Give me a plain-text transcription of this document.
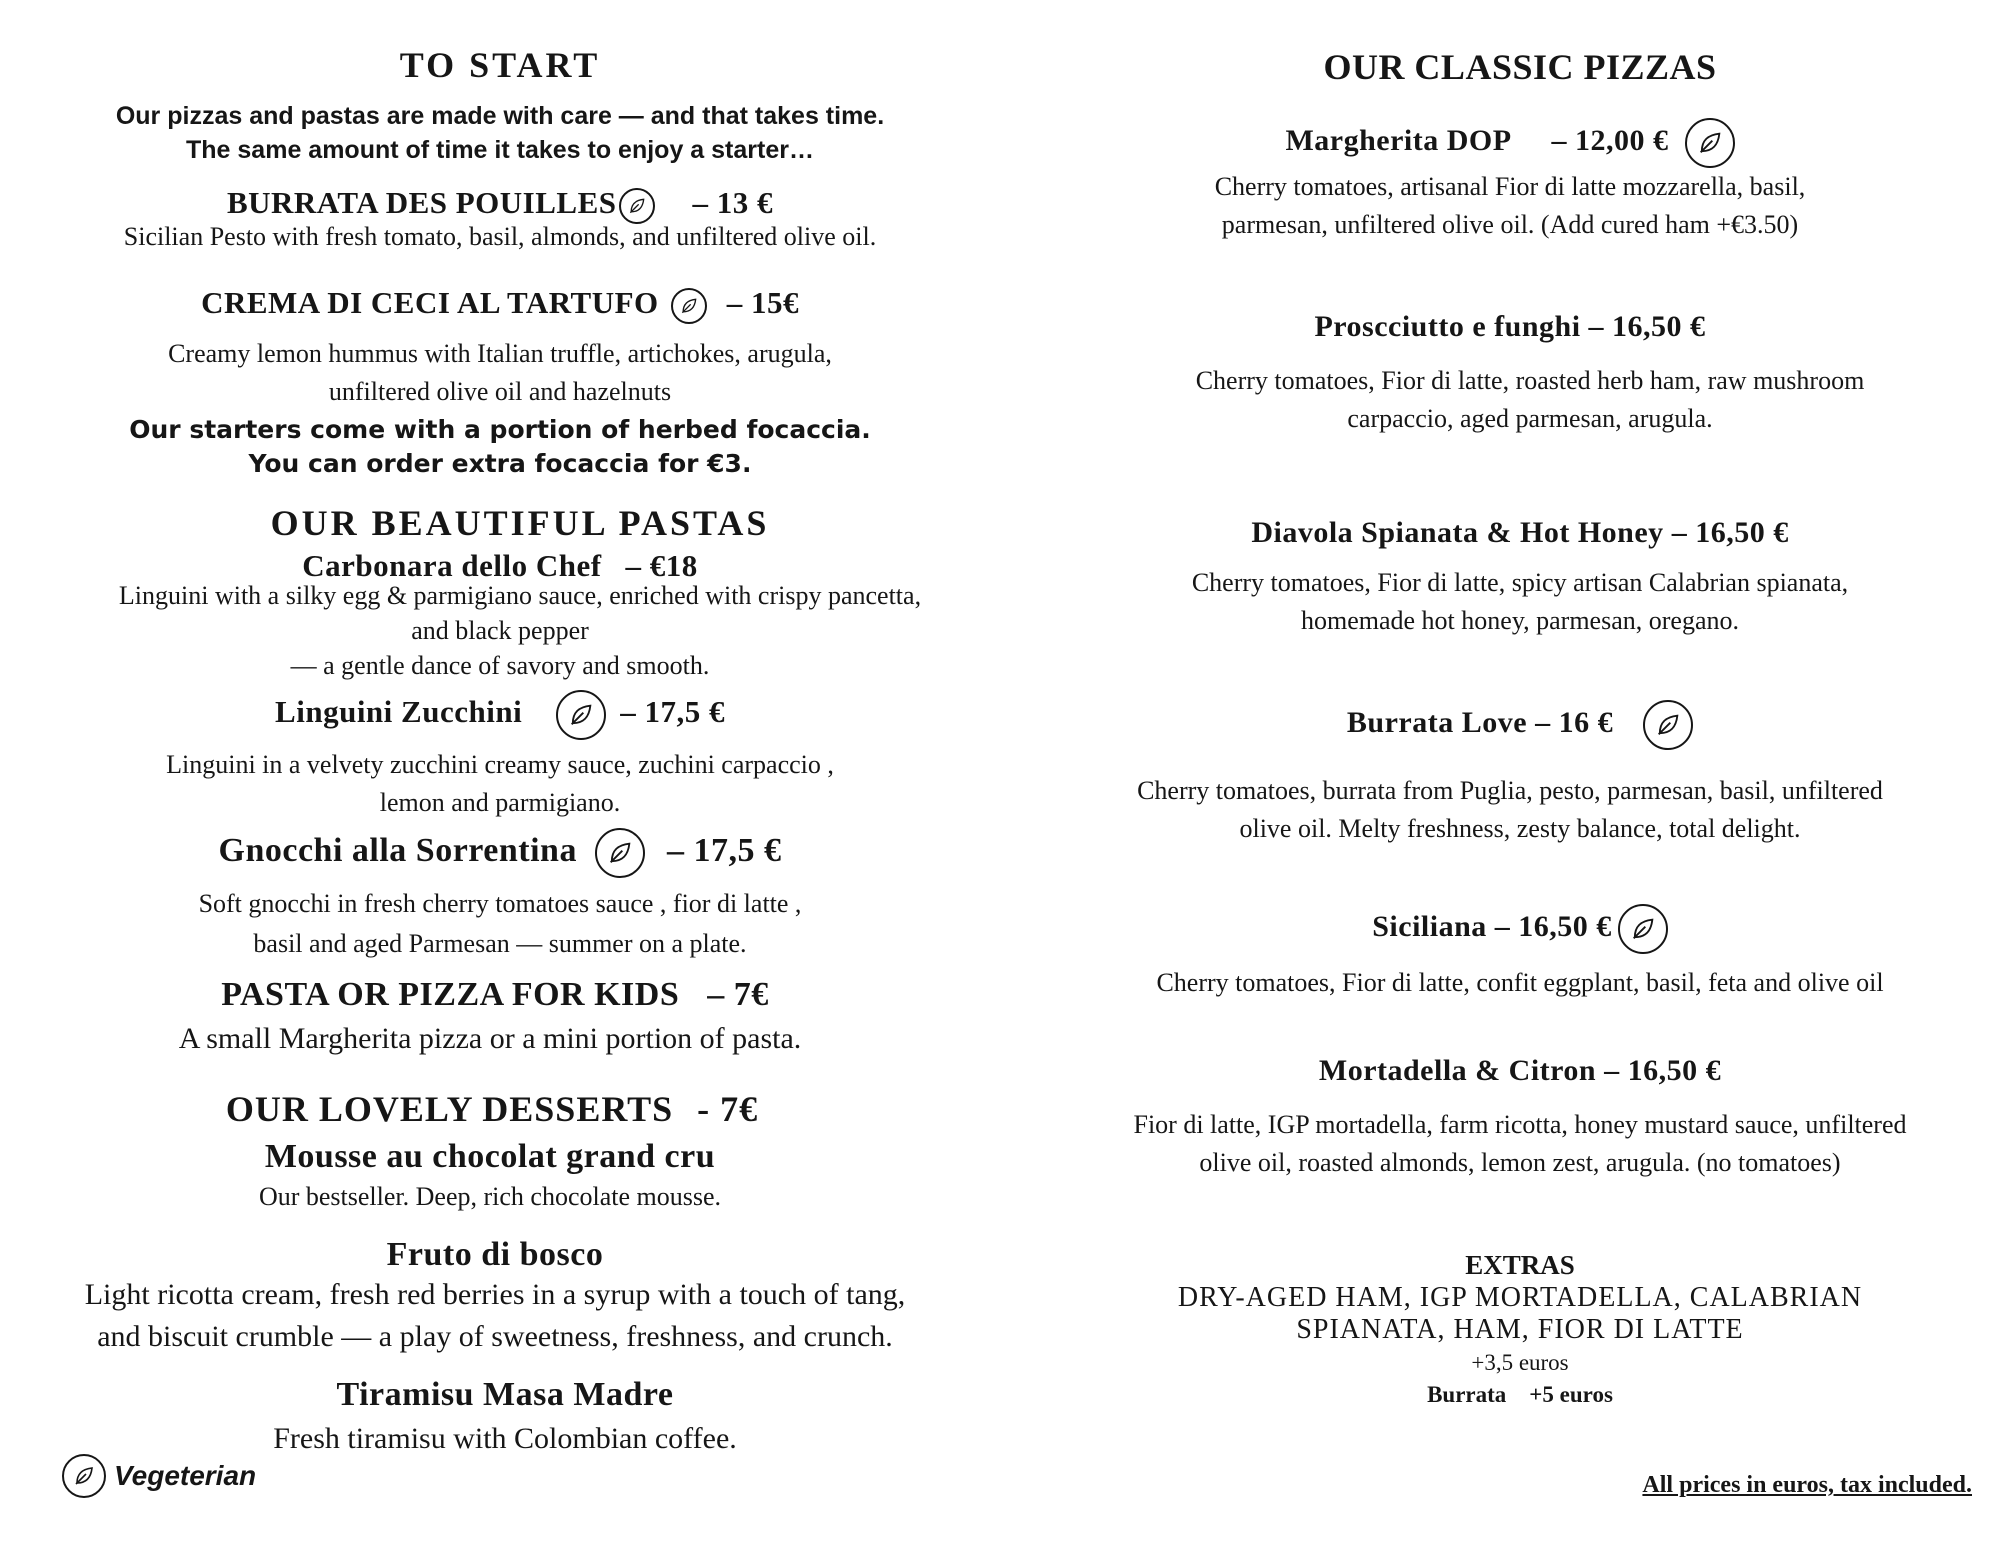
TO START
Our pizzas and pastas are made with care — and that takes time.
The same amount of time it takes to enjoy a starter…
BURRATA DES POUILLES – 13 €
Sicilian Pesto with fresh tomato, basil, almonds, and unfiltered olive oil.
CREMA DI CECI AL TARTUFO – 15€
Creamy lemon hummus with Italian truffle, artichokes, arugula,
unfiltered olive oil and hazelnuts
Our starters come with a portion of herbed focaccia.
You can order extra focaccia for €3.
OUR BEAUTIFUL PASTAS
Carbonara dello Chef – €18
Linguini with a silky egg & parmigiano sauce, enriched with crispy pancetta,
and black pepper
— a gentle dance of savory and smooth.
Linguini Zucchini	– 17,5 €
Linguini in a velvety zucchini creamy sauce, zuchini carpaccio ,
lemon and parmigiano.
Gnocchi alla Sorrentina	– 17,5 €
Soft gnocchi in fresh cherry tomatoes sauce , fior di latte ,
basil and aged Parmesan — summer on a plate.
PASTA OR PIZZA FOR KIDS – 7€
A small Margherita pizza or a mini portion of pasta.
OUR LOVELY DESSERTS - 7€
Mousse au chocolat grand cru
Our bestseller. Deep, rich chocolate mousse.
Fruto di bosco
Light ricotta cream, fresh red berries in a syrup with a touch of tang,
and biscuit crumble — a play of sweetness, freshness, and crunch.
Tiramisu Masa Madre
Fresh tiramisu with Colombian coffee.
Vegeterian
OUR CLASSIC PIZZAS
Margherita DOP – 12,00 €
Cherry tomatoes, artisanal Fior di latte mozzarella, basil,
parmesan, unfiltered olive oil. (Add cured ham +€3.50)
Proscciutto e funghi – 16,50 €
Cherry tomatoes, Fior di latte, roasted herb ham, raw mushroom
carpaccio, aged parmesan, arugula.
Diavola Spianata & Hot Honey – 16,50 €
Cherry tomatoes, Fior di latte, spicy artisan Calabrian spianata,
homemade hot honey, parmesan, oregano.
Burrata Love – 16 €
Cherry tomatoes, burrata from Puglia, pesto, parmesan, basil, unfiltered
olive oil. Melty freshness, zesty balance, total delight.
Siciliana – 16,50 €
Cherry tomatoes, Fior di latte, confit eggplant, basil, feta and olive oil
Mortadella & Citron – 16,50 €
Fior di latte, IGP mortadella, farm ricotta, honey mustard sauce, unfiltered
olive oil, roasted almonds, lemon zest, arugula. (no tomatoes)
EXTRAS
DRY-AGED HAM, IGP MORTADELLA, CALABRIAN
SPIANATA, HAM, FIOR DI LATTE
+3,5 euros
Burrata    +5 euros
All prices in euros, tax included.
